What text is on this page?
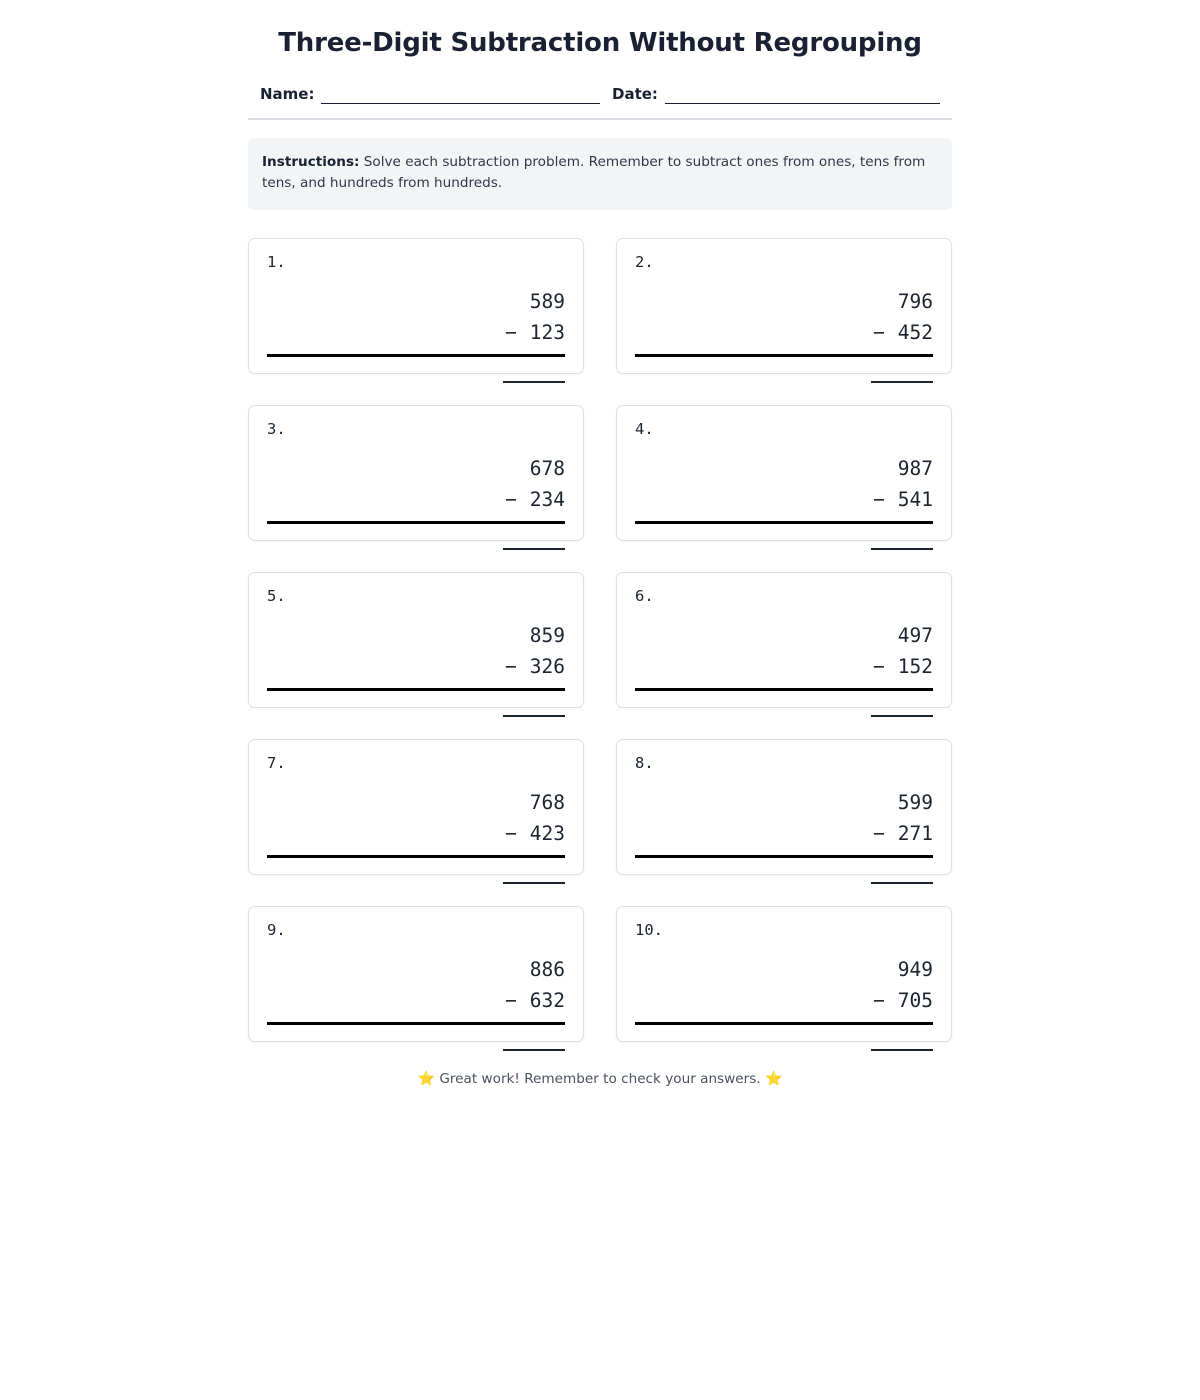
Three-Digit Subtraction Without Regrouping
Name:	Date:

Instructions: Solve each subtraction problem. Remember to subtract ones from ones, tens from tens, and hundreds from hundreds.

1.
589
− 123
2.
796
− 452
3.
678
− 234
4.
987
− 541
5.
859
− 326
6.
497
− 152
7.
768
− 423
8.
599
− 271
9.
886
− 632
10.
949
− 705
⭐ Great work! Remember to check your answers. ⭐
